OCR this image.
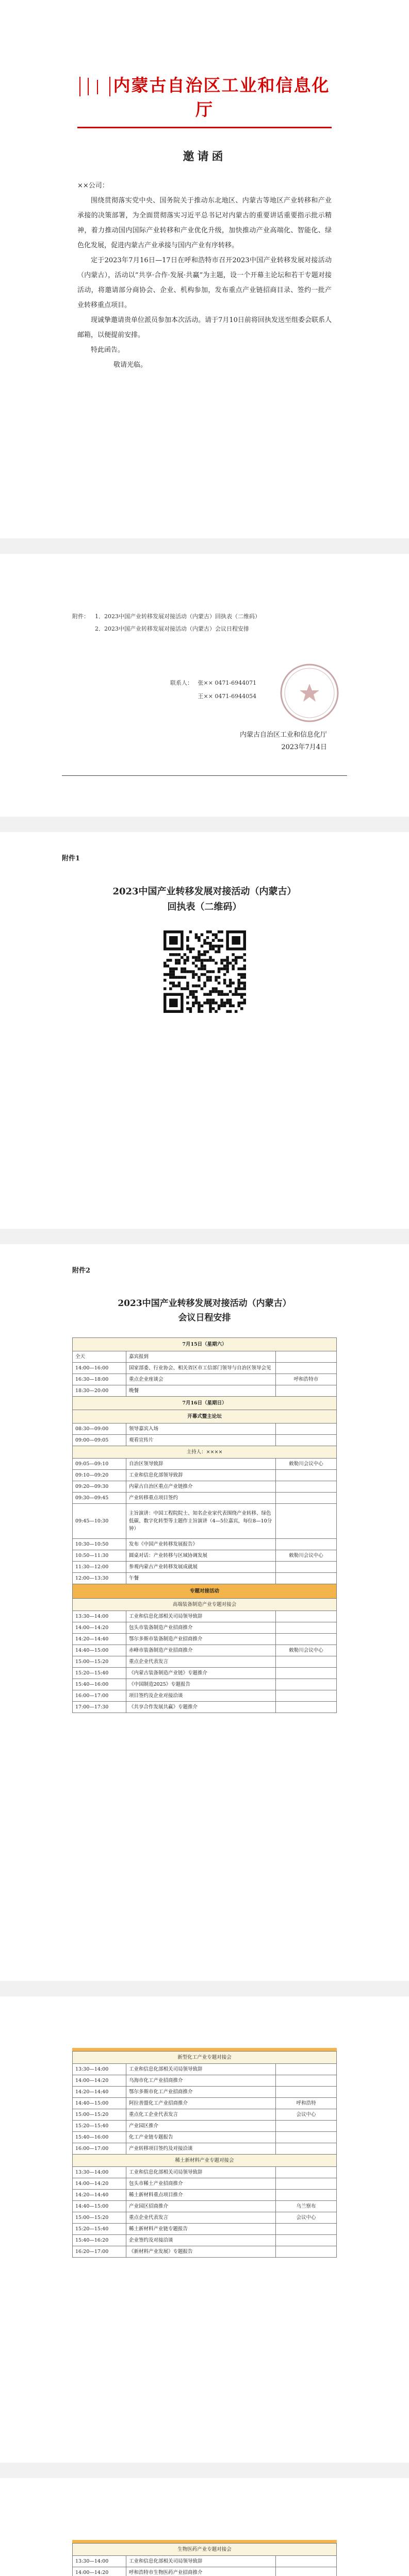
内蒙古自治区工业和信息化厅
邀请函

××公司：

围绕贯彻落实党中央、国务院关于推动东北地区、内蒙古等地区产业转移和产业承接的决策部署，为全面贯彻落实习近平总书记对内蒙古的重要讲话重要指示批示精神，着力推动国内国际产业转移和产业优化升级，加快推动产业高端化、智能化、绿色化发展，促进内蒙古产业承接与国内产业有序转移。

定于2023年7月16日—17日在呼和浩特市召开2023中国产业转移发展对接活动（内蒙古），活动以“共享·合作·发展·共赢”为主题，设一个开幕主论坛和若干专题对接活动，将邀请部分商协会、企业、机构参加，发布重点产业链招商目录、签约一批产业转移重点项目。

现诚挚邀请贵单位派员参加本次活动。请于7月10日前将回执发送至组委会联系人邮箱，以便提前安排。

特此函告。

敬请光临。

附件： 1．2023中国产业转移发展对接活动（内蒙古）回执表（二维码）
2．2023中国产业转移发展对接活动（内蒙古）会议日程安排
联系人： 张×× 0471-6944071
王×× 0471-6944054
内蒙古自治区工业和信息化厅
2023年7月4日
附件1
2023中国产业转移发展对接活动（内蒙古）
回执表（二维码）
附件2
2023中国产业转移发展对接活动（内蒙古）
会议日程安排
7月15日（星期六）		
全天	嘉宾报到	
14:00—16:00	国家部委、行业协会、相关省区市工信部门领导与自治区领导会见	
16:30—18:00	重点企业座谈会	呼和浩特市
18:30—20:00	晚餐	
7月16日（星期日）		
开幕式暨主论坛		
08:30—09:00	领导嘉宾入场	
09:00—09:05	观看宣传片	
主持人：××××		
09:05—09:10	自治区领导致辞	敕勒川会议中心
09:10—09:20	工业和信息化部领导致辞	
09:20—09:30	内蒙古自治区重点产业链推介	
09:30—09:45	产业转移重点项目签约	
09:45—10:30	主旨演讲：中国工程院院士、知名企业家代表围绕产业转移、绿色低碳、数字化转型等主题作主旨演讲（4—5位嘉宾，每位8—10分钟）	
10:30—10:50	发布《中国产业转移发展报告》	
10:50—11:30	圆桌对话：产业转移与区域协调发展	敕勒川会议中心
11:30—12:00	参观内蒙古产业转移发展成就展	
12:00—13:30	午餐	
专题对接活动		
高端装备制造产业专题对接会		
13:30—14:00	工业和信息化部相关司局领导致辞	
14:00—14:20	包头市装备制造产业招商推介	
14:20—14:40	鄂尔多斯市装备制造产业招商推介	
14:40—15:00	赤峰市装备制造产业招商推介	敕勒川会议中心
15:00—15:20	重点企业代表发言	
15:20—15:40	《内蒙古装备制造产业链》专题推介	
15:40—16:00	《中国制造2025》专题报告	
16:00—17:00	项目签约及企业对接洽谈	
17:00—17:30	《共享合作发展共赢》专题推介	
新型化工产业专题对接会		
13:30—14:00	工业和信息化部相关司局领导致辞	
14:00—14:20	乌海市化工产业招商推介	
14:20—14:40	鄂尔多斯市化工产业招商推介	
14:40—15:00	阿拉善盟化工产业招商推介	呼和浩特
15:00—15:20	重点化工企业代表发言	会议中心
15:20—15:40	产业园区推介	
15:40—16:00	化工产业链专题报告	
16:00—17:00	产业转移项目签约及对接洽谈	
稀土新材料产业专题对接会		
13:30—14:00	工业和信息化部相关司局领导致辞	
14:00—14:20	包头市稀土产业招商推介	
14:20—14:40	稀土新材料重点项目推介	
14:40—15:00	产业园区招商推介	乌兰察布
15:00—15:20	重点企业代表发言	会议中心
15:20—15:40	稀土新材料产业链专题报告	
15:40—16:20	企业签约及对接洽谈	
16:20—17:00	《新材料产业发展》专题报告	
生物医药产业专题对接会		
13:30—14:00	工业和信息化部相关司局领导致辞	
14:00—14:20	呼和浩特市生物医药产业招商推介	
